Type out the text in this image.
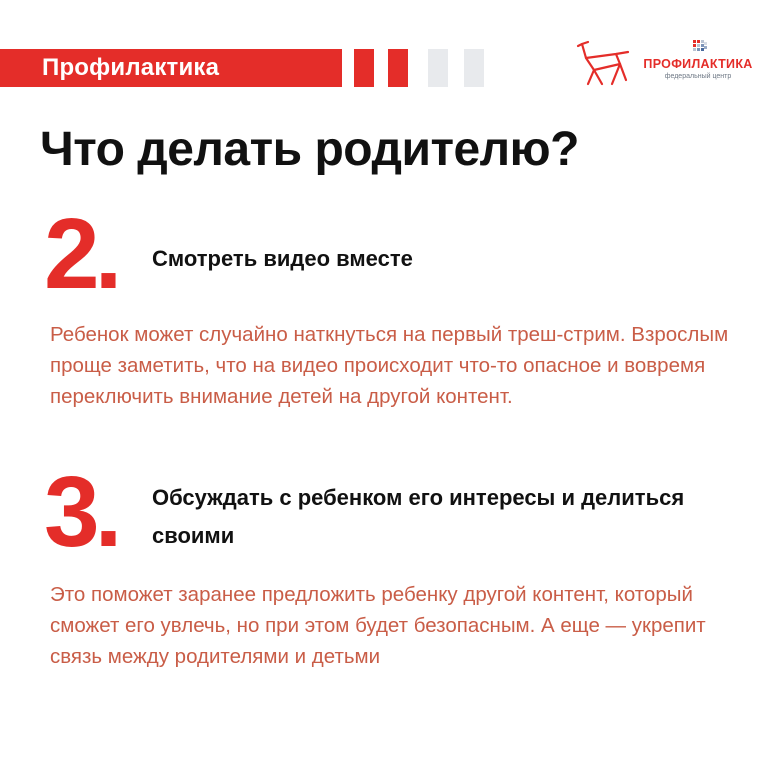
Профилактика	ПРОФИЛАКТИКА
федеральный центр
Что делать родителю?
2. Смотреть видео вместе
Ребенок может случайно наткнуться на первый треш-стрим. Взрослым проще заметить, что на видео происходит что-то опасное и вовремя переключить внимание детей на другой контент.
3. Обсуждать с ребенком его интересы и делиться своими
Это поможет заранее предложить ребенку другой контент, который сможет его увлечь, но при этом будет безопасным. А еще — укрепит связь между родителями и детьми
